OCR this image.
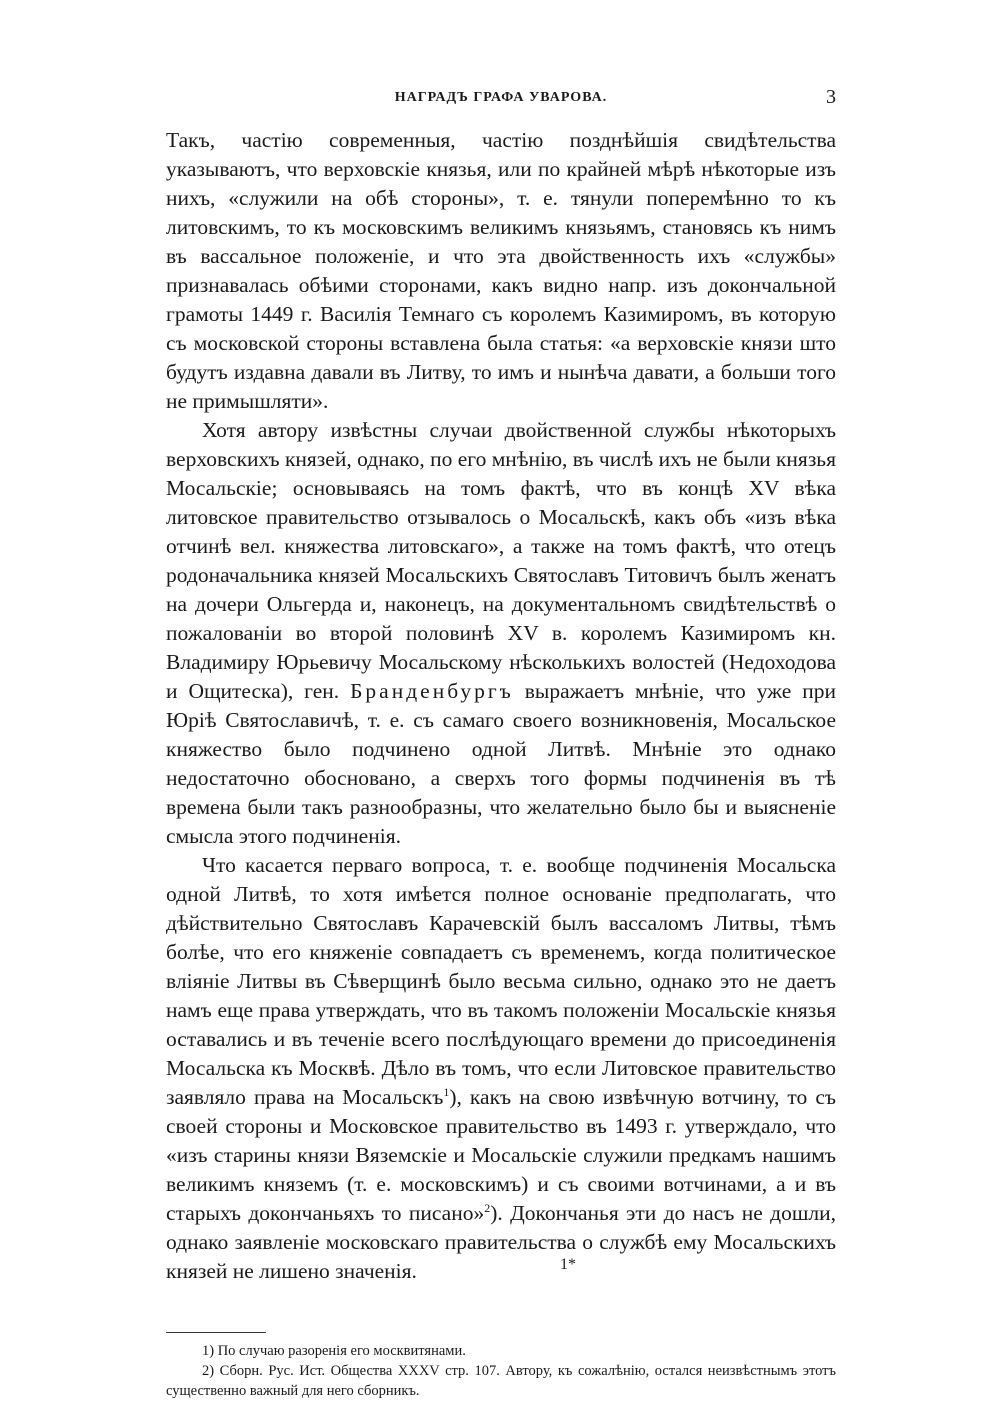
НАГРАДЪ ГРАФА УВАРОВА.	3

Такъ, частію современныя, частію позднѣйшія свидѣтельства указываютъ, что верховскіе князья, или по крайней мѣрѣ нѣкоторые изъ нихъ, «служили на обѣ стороны», т. е. тянули поперемѣнно то къ литовскимъ, то къ московскимъ великимъ князьямъ, становясь къ нимъ въ вассальное положеніе, и что эта двойственность ихъ «службы» признавалась обѣими сторонами, какъ видно напр. изъ докончальной грамоты 1449 г. Василія Темнаго съ королемъ Казимиромъ, въ которую съ московской стороны вставлена была статья: «а верховскіе князи што будутъ издавна давали въ Литву, то имъ и нынѣча давати, а больши того не примышляти».

Хотя автору извѣстны случаи двойственной службы нѣкоторыхъ верховскихъ князей, однако, по его мнѣнію, въ числѣ ихъ не были князья Мосальскіе; основываясь на томъ фактѣ, что въ концѣ XV вѣка литовское правительство отзывалось о Мосальскѣ, какъ объ «изъ вѣка отчинѣ вел. княжества литовскаго», а также на томъ фактѣ, что отецъ родоначальника князей Мосальскихъ Святославъ Титовичъ былъ женатъ на дочери Ольгерда и, наконецъ, на документальномъ свидѣтельствѣ о пожалованіи во второй половинѣ XV в. королемъ Казимиромъ кн. Владимиру Юрьевичу Мосальскому нѣсколькихъ волостей (Недоходова и Ощитеска), ген. Бранденбургъ выражаетъ мнѣніе, что уже при Юріѣ Святославичѣ, т. е. съ самаго своего возникновенія, Мосальское княжество было подчинено одной Литвѣ. Мнѣніе это однако недостаточно обосновано, а сверхъ того формы подчиненія въ тѣ времена были такъ разнообразны, что желательно было бы и выясненіе смысла этого подчиненія.

Что касается перваго вопроса, т. е. вообще подчиненія Мосальска одной Литвѣ, то хотя имѣется полное основаніе предполагать, что дѣйствительно Святославъ Карачевскій былъ вассаломъ Литвы, тѣмъ болѣе, что его княженіе совпадаетъ съ временемъ, когда политическое вліяніе Литвы въ Сѣверщинѣ было весьма сильно, однако это не даетъ намъ еще права утверждать, что въ такомъ положеніи Мосальскіе князья оставались и въ теченіе всего послѣдующаго времени до присоединенія Мосальска къ Москвѣ. Дѣло въ томъ, что если Литовское правительство заявляло права на Мосальскъ$^1$), какъ на свою извѣчную вотчину, то съ своей стороны и Московское правительство въ 1493 г. утверждало, что «изъ старины князи Вяземскіе и Мосальскіе служили предкамъ нашимъ великимъ княземъ (т. е. московскимъ) и съ своими вотчинами, а и въ старыхъ докончаньяхъ то писано»$^2$). Докончанья эти до насъ не дошли, однако заявленіе московскаго правительства о службѣ ему Мосальскихъ князей не лишено значенія.

1) По случаю разоренія его москвитянами.

2) Сборн. Рус. Ист. Общества XXXV стр. 107. Автору, къ сожалѣнію, остался неизвѣстнымъ этотъ существенно важный для него сборникъ.

1*
